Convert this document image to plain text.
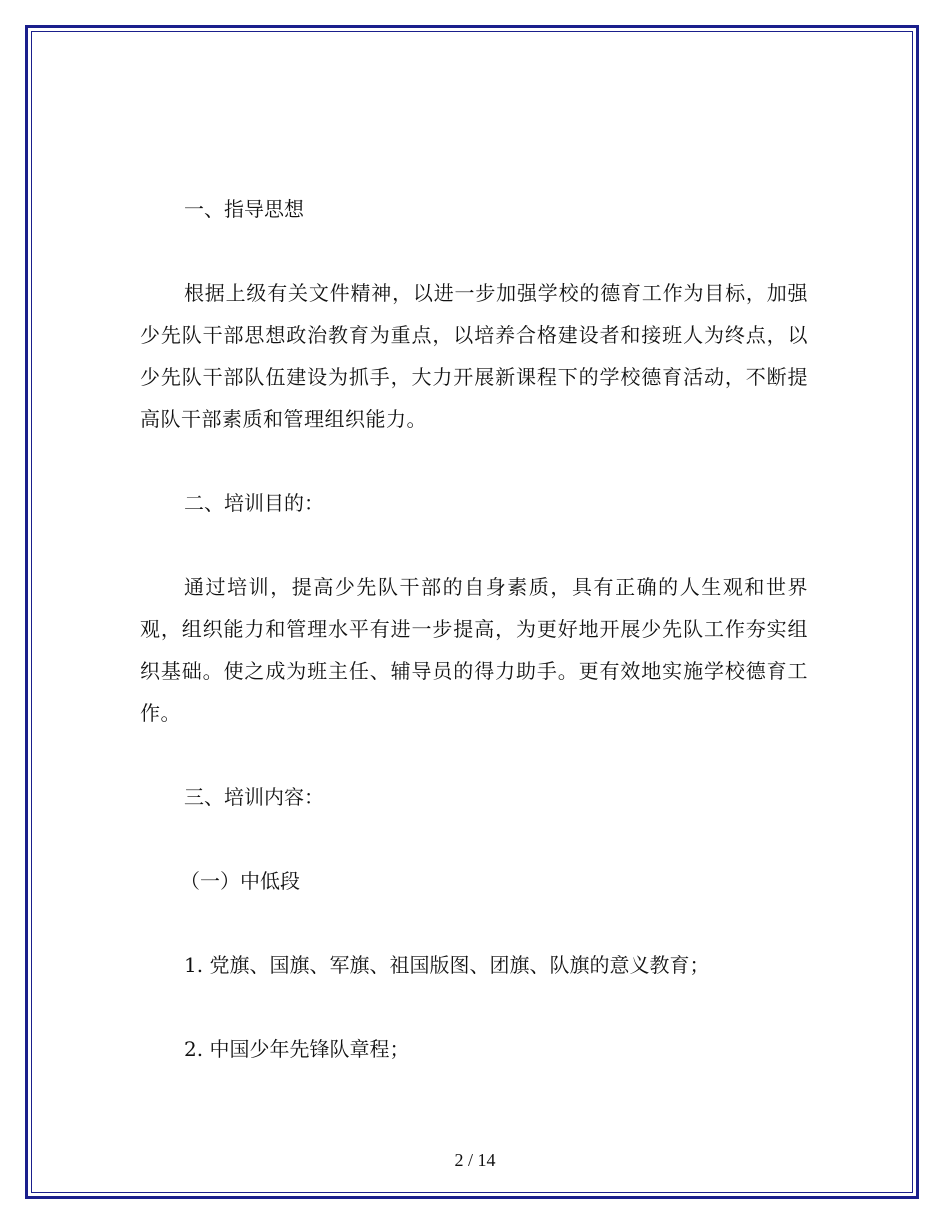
一、指导思想
根据上级有关文件精神，以进一步加强学校的德育工作为目标，加强少先队干部思想政治教育为重点，以培养合格建设者和接班人为终点，以少先队干部队伍建设为抓手，大力开展新课程下的学校德育活动，不断提高队干部素质和管理组织能力。
二、培训目的：
通过培训，提高少先队干部的自身素质，具有正确的人生观和世界观，组织能力和管理水平有进一步提高，为更好地开展少先队工作夯实组织基础。使之成为班主任、辅导员的得力助手。更有效地实施学校德育工作。
三、培训内容：
（一）中低段
1. 党旗、国旗、军旗、祖国版图、团旗、队旗的意义教育；
2. 中国少年先锋队章程；
2 / 14
